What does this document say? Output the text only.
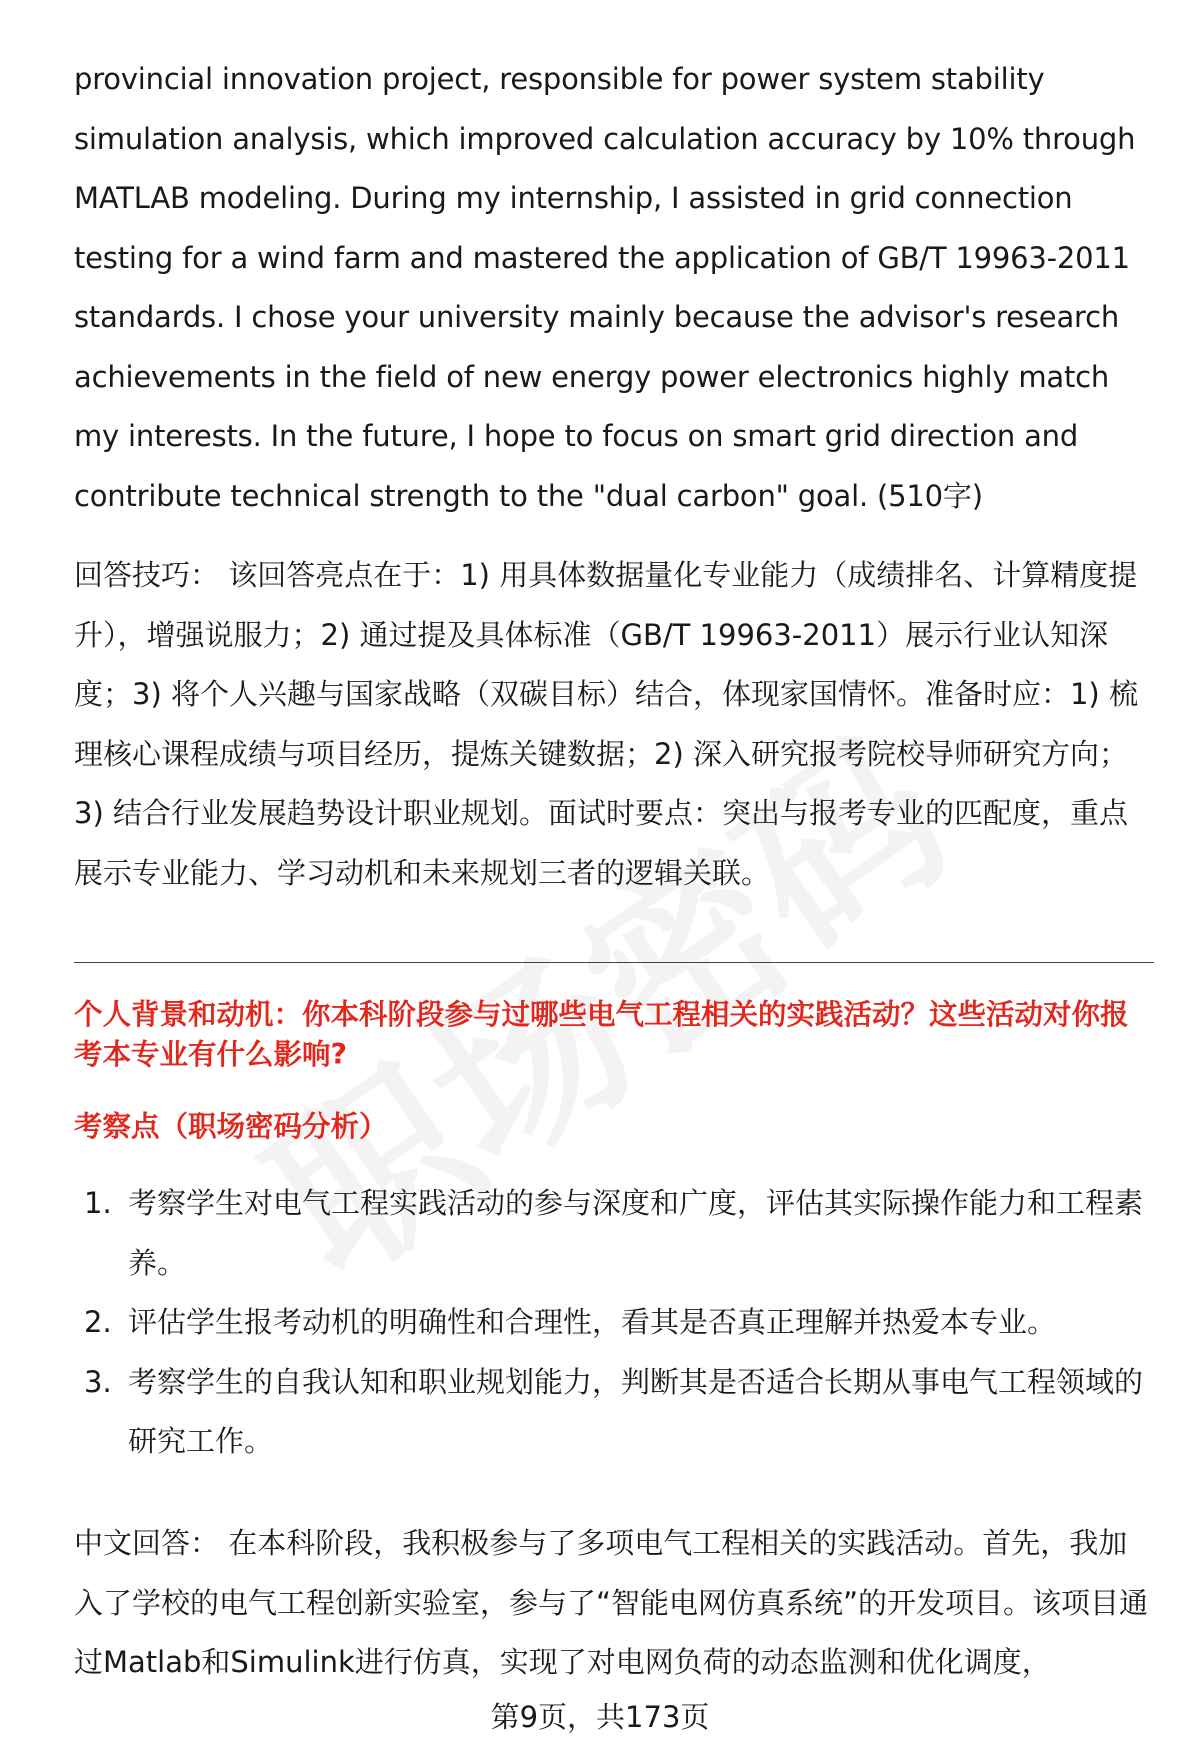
provincial innovation project, responsible for power system stability simulation analysis, which improved calculation accuracy by 10% through MATLAB modeling. During my internship, I assisted in grid connection testing for a wind farm and mastered the application of GB/T 19963-2011 standards. I chose your university mainly because the advisor's research achievements in the field of new energy power electronics highly match my interests. In the future, I hope to focus on smart grid direction and contribute technical strength to the "dual carbon" goal. (510字)

回答技巧： 该回答亮点在于：1) 用具体数据量化专业能力（成绩排名、计算精度提升），增强说服力；2) 通过提及具体标准（GB/T 19963-2011）展示行业认知深度；3) 将个人兴趣与国家战略（双碳目标）结合，体现家国情怀。准备时应：1) 梳理核心课程成绩与项目经历，提炼关键数据；2) 深入研究报考院校导师研究方向；3) 结合行业发展趋势设计职业规划。面试时要点：突出与报考专业的匹配度，重点展示专业能力、学习动机和未来规划三者的逻辑关联。

个人背景和动机：你本科阶段参与过哪些电气工程相关的实践活动？这些活动对你报考本专业有什么影响?

考察点（职场密码分析）

1. 考察学生对电气工程实践活动的参与深度和广度，评估其实际操作能力和工程素养。
2. 评估学生报考动机的明确性和合理性，看其是否真正理解并热爱本专业。
3. 考察学生的自我认知和职业规划能力，判断其是否适合长期从事电气工程领域的研究工作。

中文回答： 在本科阶段，我积极参与了多项电气工程相关的实践活动。首先，我加入了学校的电气工程创新实验室，参与了“智能电网仿真系统”的开发项目。该项目通过Matlab和Simulink进行仿真，实现了对电网负荷的动态监测和优化调度，

第9页，共173页
